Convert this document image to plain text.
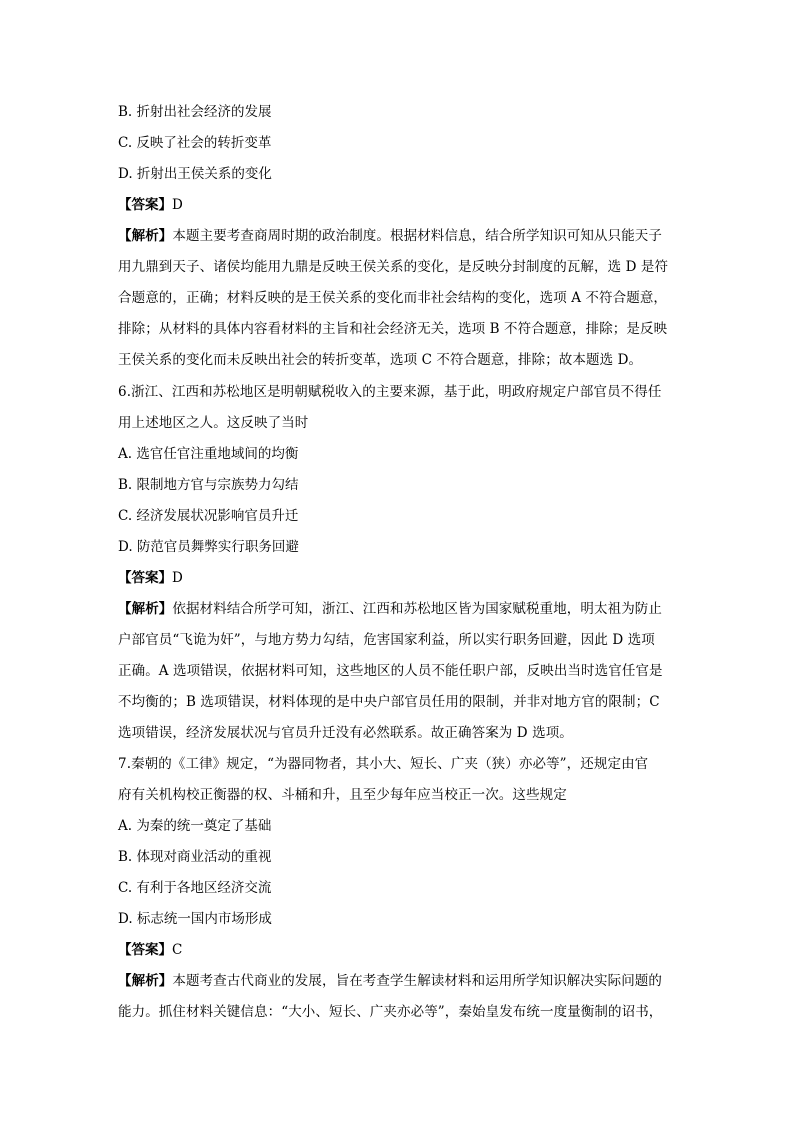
B. 折射出社会经济的发展
C. 反映了社会的转折变革
D. 折射出王侯关系的变化
【答案】D
【解析】本题主要考查商周时期的政治制度。根据材料信息，结合所学知识可知从只能天子
用九鼎到天子、诸侯均能用九鼎是反映王侯关系的变化，是反映分封制度的瓦解，选 D 是符
合题意的，正确；材料反映的是王侯关系的变化而非社会结构的变化，选项 A 不符合题意，
排除；从材料的具体内容看材料的主旨和社会经济无关，选项 B 不符合题意，排除；是反映
王侯关系的变化而未反映出社会的转折变革，选项 C 不符合题意，排除；故本题选 D。
6.浙江、江西和苏松地区是明朝赋税收入的主要来源，基于此，明政府规定户部官员不得任
用上述地区之人。这反映了当时
A. 选官任官注重地域间的均衡
B. 限制地方官与宗族势力勾结
C. 经济发展状况影响官员升迁
D. 防范官员舞弊实行职务回避
【答案】D
【解析】依据材料结合所学可知，浙江、江西和苏松地区皆为国家赋税重地，明太祖为防止
户部官员“飞诡为奸”，与地方势力勾结，危害国家利益，所以实行职务回避，因此 D 选项
正确。A 选项错误，依据材料可知，这些地区的人员不能任职户部，反映出当时选官任官是
不均衡的；B 选项错误，材料体现的是中央户部官员任用的限制，并非对地方官的限制；C
选项错误，经济发展状况与官员升迁没有必然联系。故正确答案为 D 选项。
7.秦朝的《工律》规定，“为器同物者，其小大、短长、广夹（狭）亦必等”，还规定由官
府有关机构校正衡器的权、斗桶和升，且至少每年应当校正一次。这些规定
A. 为秦的统一奠定了基础
B. 体现对商业活动的重视
C. 有利于各地区经济交流
D. 标志统一国内市场形成
【答案】C
【解析】本题考查古代商业的发展，旨在考查学生解读材料和运用所学知识解决实际问题的
能力。抓住材料关键信息：“大小、短长、广夹亦必等”，秦始皇发布统一度量衡制的诏书，
